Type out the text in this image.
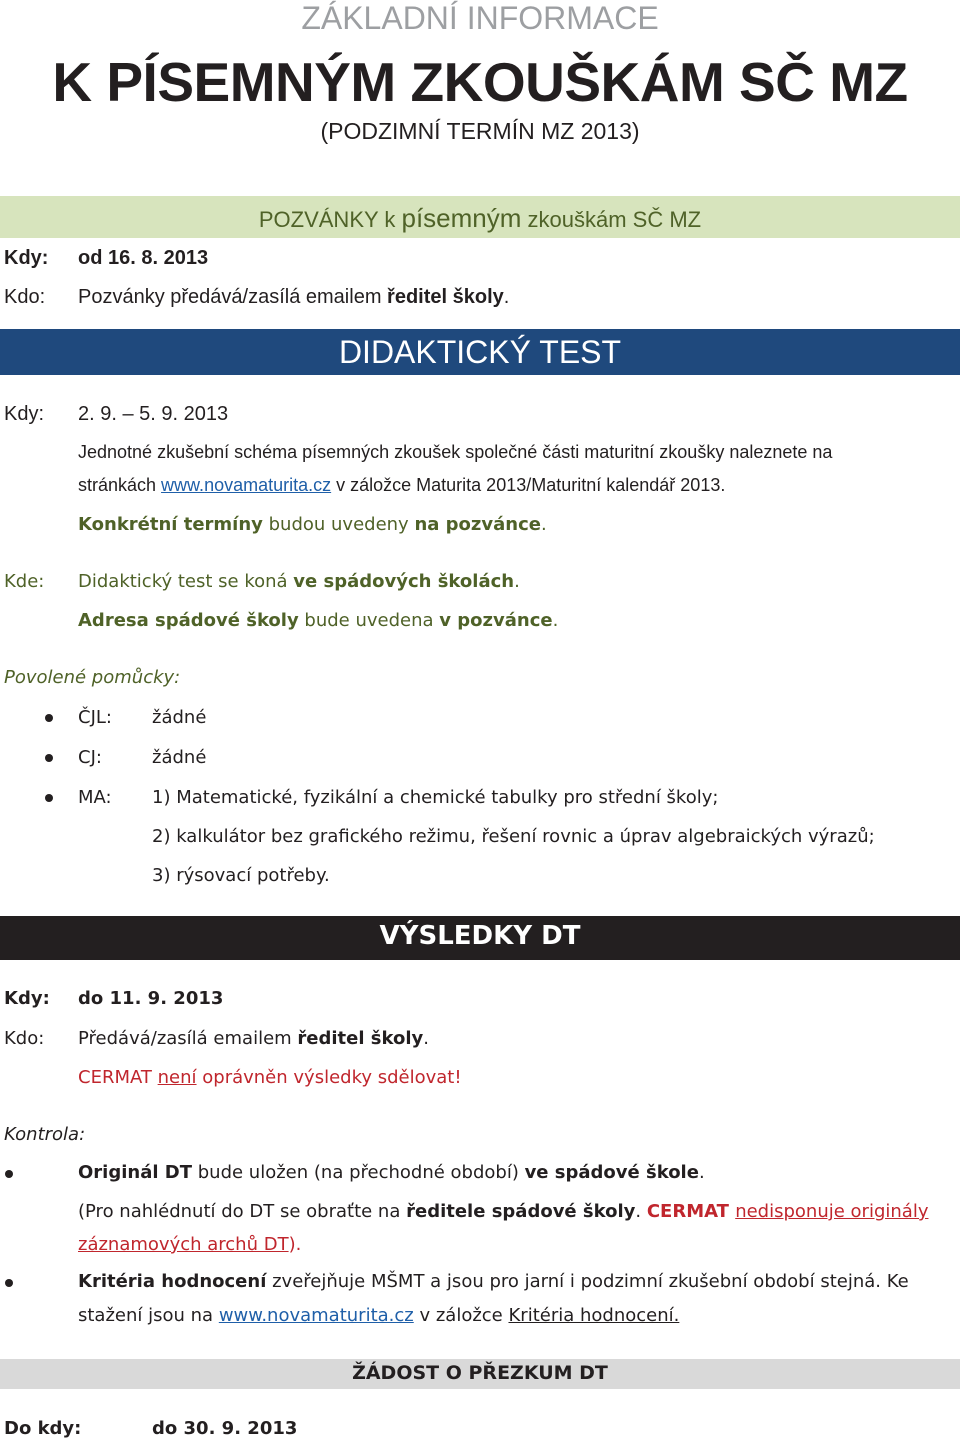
ZÁKLADNÍ INFORMACE
K PÍSEMNÝM ZKOUŠKÁM SČ MZ
(PODZIMNÍ TERMÍN MZ 2013)
POZVÁNKY k písemným zkouškám SČ MZ
Kdy: od 16. 8. 2013
Kdo: Pozvánky předává/zasílá emailem ředitel školy.
DIDAKTICKÝ TEST
Kdy: 2. 9. – 5. 9. 2013
Jednotné zkušební schéma písemných zkoušek společné části maturitní zkoušky naleznete na
stránkách www.novamaturita.cz v záložce Maturita 2013/Maturitní kalendář 2013.
Konkrétní termíny budou uvedeny na pozvánce.
Kde: Didaktický test se koná ve spádových školách.
Adresa spádové školy bude uvedena v pozvánce.
Povolené pomůcky:
ČJL: žádné
CJ:	žádné
MA: 1) Matematické, fyzikální a chemické tabulky pro střední školy;
2) kalkulátor bez grafického režimu, řešení rovnic a úprav algebraických výrazů;
3) rýsovací potřeby.
VÝSLEDKY DT
Kdy: do 11. 9. 2013
Kdo: Předává/zasílá emailem ředitel školy.
CERMAT není oprávněn výsledky sdělovat!
Kontrola:
Originál DT bude uložen (na přechodné období) ve spádové škole.
(Pro nahlédnutí do DT se obraťte na ředitele spádové školy. CERMAT nedisponuje originály
záznamových archů DT).
Kritéria hodnocení zveřejňuje MŠMT a jsou pro jarní i podzimní zkušební období stejná. Ke
stažení jsou na www.novamaturita.cz v záložce Kritéria hodnocení.
ŽÁDOST O PŘEZKUM DT
Do kdy:	do 30. 9. 2013
